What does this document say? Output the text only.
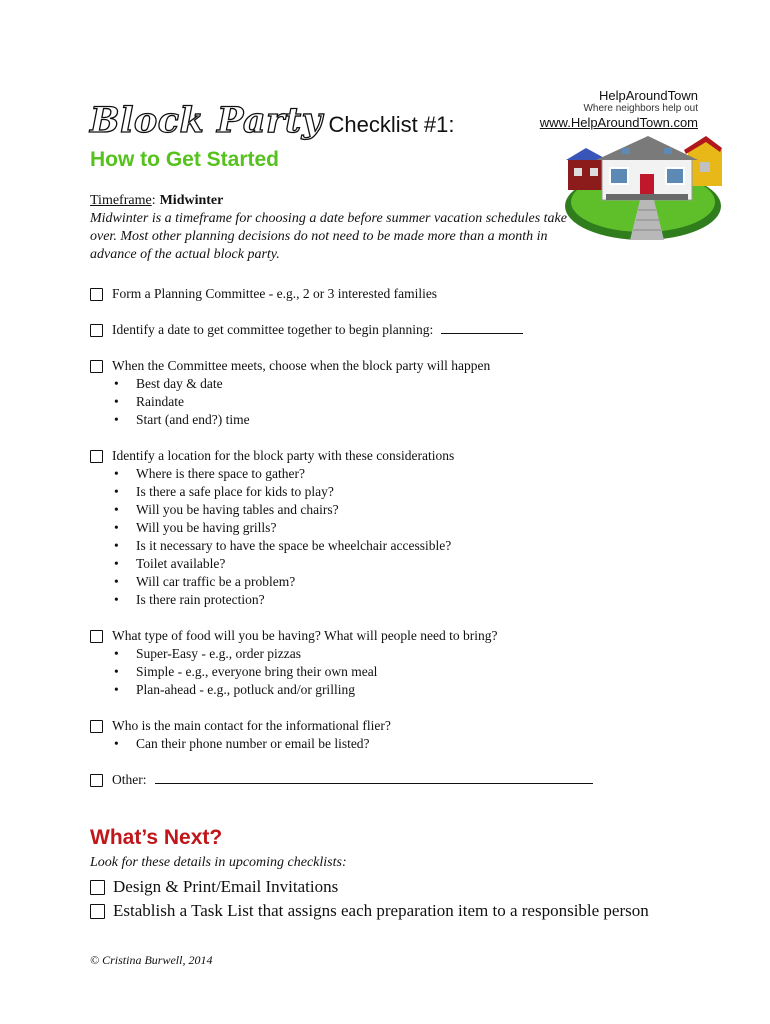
HelpAroundTown
Where neighbors help out
www.HelpAroundTown.com
Block Party Checklist #1:
How to Get Started
Timeframe: Midwinter
Midwinter is a timeframe for choosing a date before summer vacation schedules take over. Most other planning decisions do not need to be made more than a month in advance of the actual block party.
Form a Planning Committee - e.g., 2 or 3 interested families
Identify a date to get committee together to begin planning:
When the Committee meets, choose when the block party will happen
• Best day & date
• Raindate
• Start (and end?) time
Identify a location for the block party with these considerations
• Where is there space to gather?
• Is there a safe place for kids to play?
• Will you be having tables and chairs?
• Will you be having grills?
• Is it necessary to have the space be wheelchair accessible?
• Toilet available?
• Will car traffic be a problem?
• Is there rain protection?
What type of food will you be having? What will people need to bring?
• Super-Easy - e.g., order pizzas
• Simple - e.g., everyone bring their own meal
• Plan-ahead - e.g., potluck and/or grilling
Who is the main contact for the informational flier?
• Can their phone number or email be listed?
Other:
What’s Next?
Look for these details in upcoming checklists:
Design & Print/Email Invitations
Establish a Task List that assigns each preparation item to a responsible person
© Cristina Burwell, 2014
